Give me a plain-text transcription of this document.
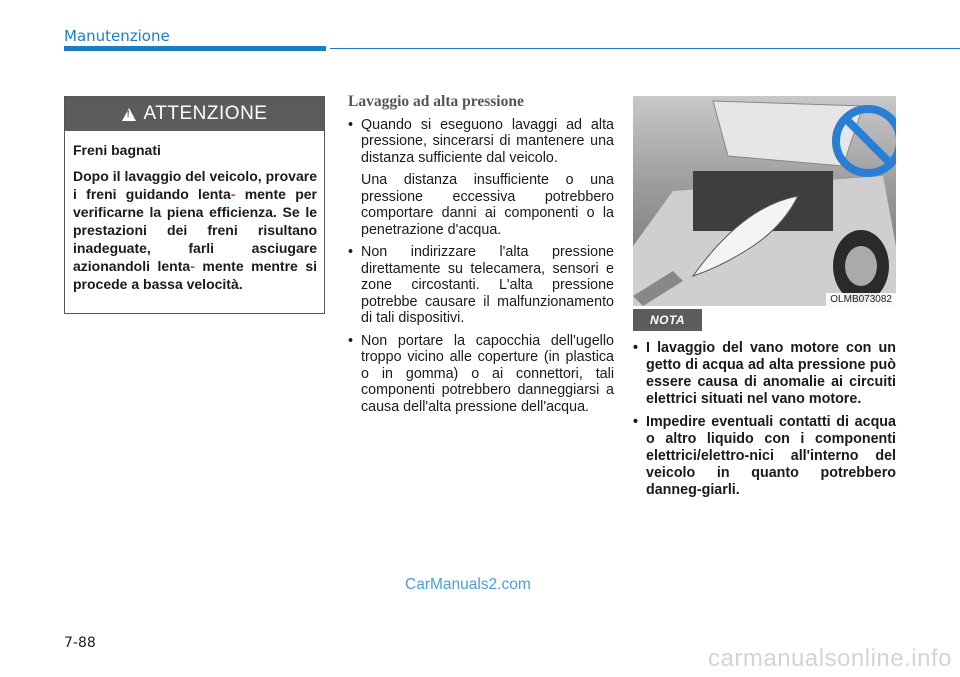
Manutenzione
!
ATTENZIONE

Freni bagnati

Dopo il lavaggio del veicolo, provare i freni guidando lenta- mente per verificarne la piena efficienza. Se le prestazioni dei freni risultano inadeguate, farli asciugare azionandoli lenta- mente mentre si procede a bassa velocità.

Lavaggio ad alta pressione

• Quando si eseguono lavaggi ad alta pressione, sincerarsi di mantenere una distanza sufficiente dal veicolo.

Una distanza insufficiente o una pressione eccessiva potrebbero comportare danni ai componenti o la penetrazione d'acqua.

• Non indirizzare l'alta pressione direttamente su telecamera, sensori e zone circostanti. L'alta pressione potrebbe causare il malfunzionamento di tali dispositivi.

• Non portare la capocchia dell'ugello troppo vicino alle coperture (in plastica o in gomma) o ai connettori, tali componenti potrebbero danneggiarsi a causa dell'alta pressione dell'acqua.

OLMB073082
NOTA

• I lavaggio del vano motore con un getto di acqua ad alta pressione può essere causa di anomalie ai circuiti elettrici situati nel vano motore.

• Impedire eventuali contatti di acqua o altro liquido con i componenti elettrici/elettro-nici all'interno del veicolo in quanto potrebbero danneg-giarli.

CarManuals2.com
7-88
carmanualsonline.info
